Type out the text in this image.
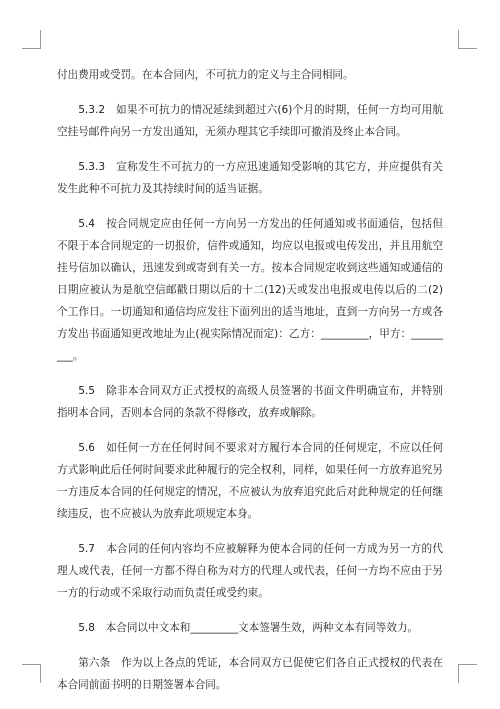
付出费用或受罚。在本合同内，不可抗力的定义与主合同相同。

5.3.2　如果不可抗力的情况延续到超过六(6)个月的时期，任何一方均可用航空挂号邮件向另一方发出通知，无须办理其它手续即可撤消及终止本合同。

5.3.3　宣称发生不可抗力的一方应迅速通知受影响的其它方，并应提供有关发生此种不可抗力及其持续时间的适当证据。

5.4　按合同规定应由任何一方向另一方发出的任何通知或书面通信，包括但不限于本合同规定的一切报价，信件或通知，均应以电报或电传发出，并且用航空挂号信加以确认，迅速发到或寄到有关一方。按本合同规定收到这些通知或通信的日期应被认为是航空信邮戳日期以后的十二(12)天或发出电报或电传以后的二(2)个工作日。一切通知和通信均应发往下面列出的适当地址，直到一方向另一方或各方发出书面通知更改地址为止(视实际情况而定)：乙方：_________，甲方：_________。

5.5　除非本合同双方正式授权的高级人员签署的书面文件明确宣布，并特别指明本合同，否则本合同的条款不得修改，放弃或解除。

5.6　如任何一方在任何时间不要求对方履行本合同的任何规定，不应以任何方式影响此后任何时间要求此种履行的完全权利，同样，如果任何一方放弃追究另一方违反本合同的任何规定的情况，不应被认为放弃追究此后对此种规定的任何继续违反，也不应被认为放弃此项规定本身。

5.7　本合同的任何内容均不应被解释为使本合同的任何一方成为另一方的代理人或代表，任何一方都不得自称为对方的代理人或代表，任何一方均不应由于另一方的行动或不采取行动而负责任或受约束。

5.8　本合同以中文本和_________文本签署生效，两种文本有同等效力。

第六条　作为以上各点的凭证，本合同双方已促使它们各自正式授权的代表在本合同前面书明的日期签署本合同。
